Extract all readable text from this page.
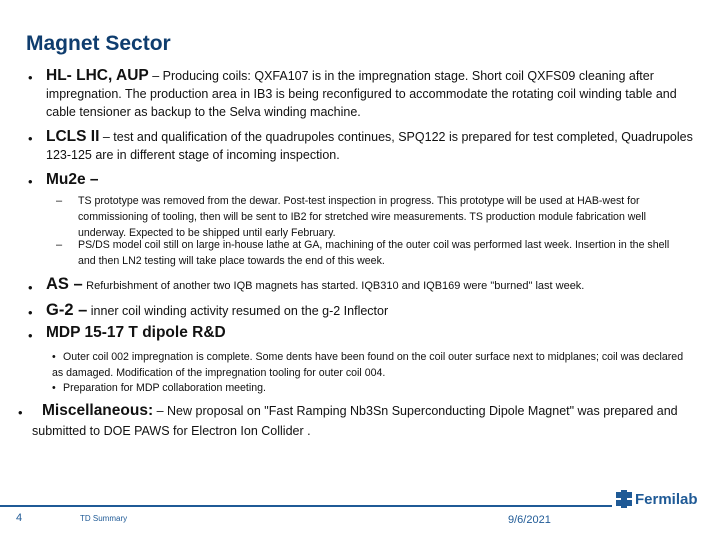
Magnet Sector
• HL- LHC, AUP – Producing coils: QXFA107 is in the impregnation stage. Short coil QXFS09 cleaning after impregnation. The production area in IB3 is being reconfigured to accommodate the rotating coil winding table and cable tensioner as backup to the Selva winding machine.
• LCLS II – test and qualification of the quadrupoles continues, SPQ122 is prepared for test completed, Quadrupoles 123-125 are in different stage of incoming inspection.
• Mu2e –
– TS prototype was removed from the dewar. Post-test inspection in progress. This prototype will be used at HAB-west for commissioning of tooling, then will be sent to IB2 for stretched wire measurements. TS production module fabrication well underway. Expected to be shipped until early February.
– PS/DS model coil still on large in-house lathe at GA, machining of the outer coil was performed last week. Insertion in the shell and then LN2 testing will take place towards the end of this week.
• AS – Refurbishment of another two IQB magnets has started. IQB310 and IQB169 were "burned" last week.
• G-2 – inner coil winding activity resumed on the g-2 Inflector
• MDP 15-17 T dipole R&D
• Outer coil 002 impregnation is complete. Some dents have been found on the coil outer surface next to midplanes; coil was declared as damaged. Modification of the impregnation tooling for outer coil 004.
• Preparation for MDP collaboration meeting.
•	Miscellaneous: – New proposal on "Fast Ramping Nb3Sn Superconducting Dipole Magnet" was prepared and submitted to DOE PAWS for Electron Ion Collider .
4	TD Summary	9/6/2021
Fermilab
